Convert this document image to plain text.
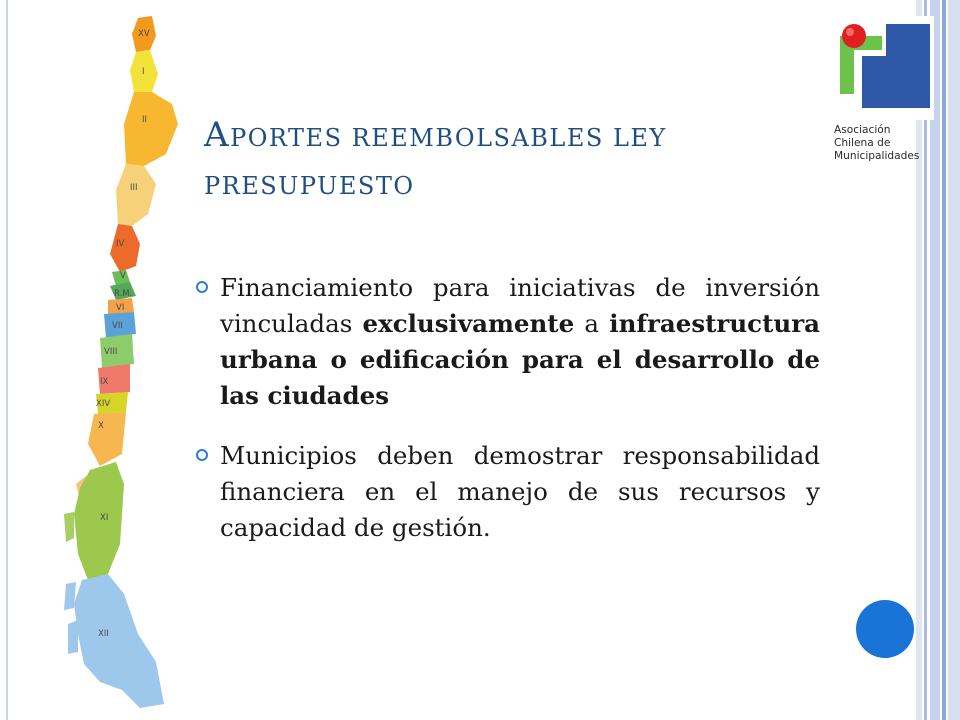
XV
I
II
III
IV
V
R.M.
VI
VII
VIII
IX
XIV
X
XI
XII
Asociación
Chilena de
Municipalidades
APORTES REEMBOLSABLES LEY
PRESUPUESTO
Financiamiento para iniciativas de inversión vinculadas exclusivamente a infraestructura urbana o edificación para el desarrollo de las ciudades
Municipios deben demostrar responsabilidad financiera en el manejo de sus recursos y capacidad de gestión.
